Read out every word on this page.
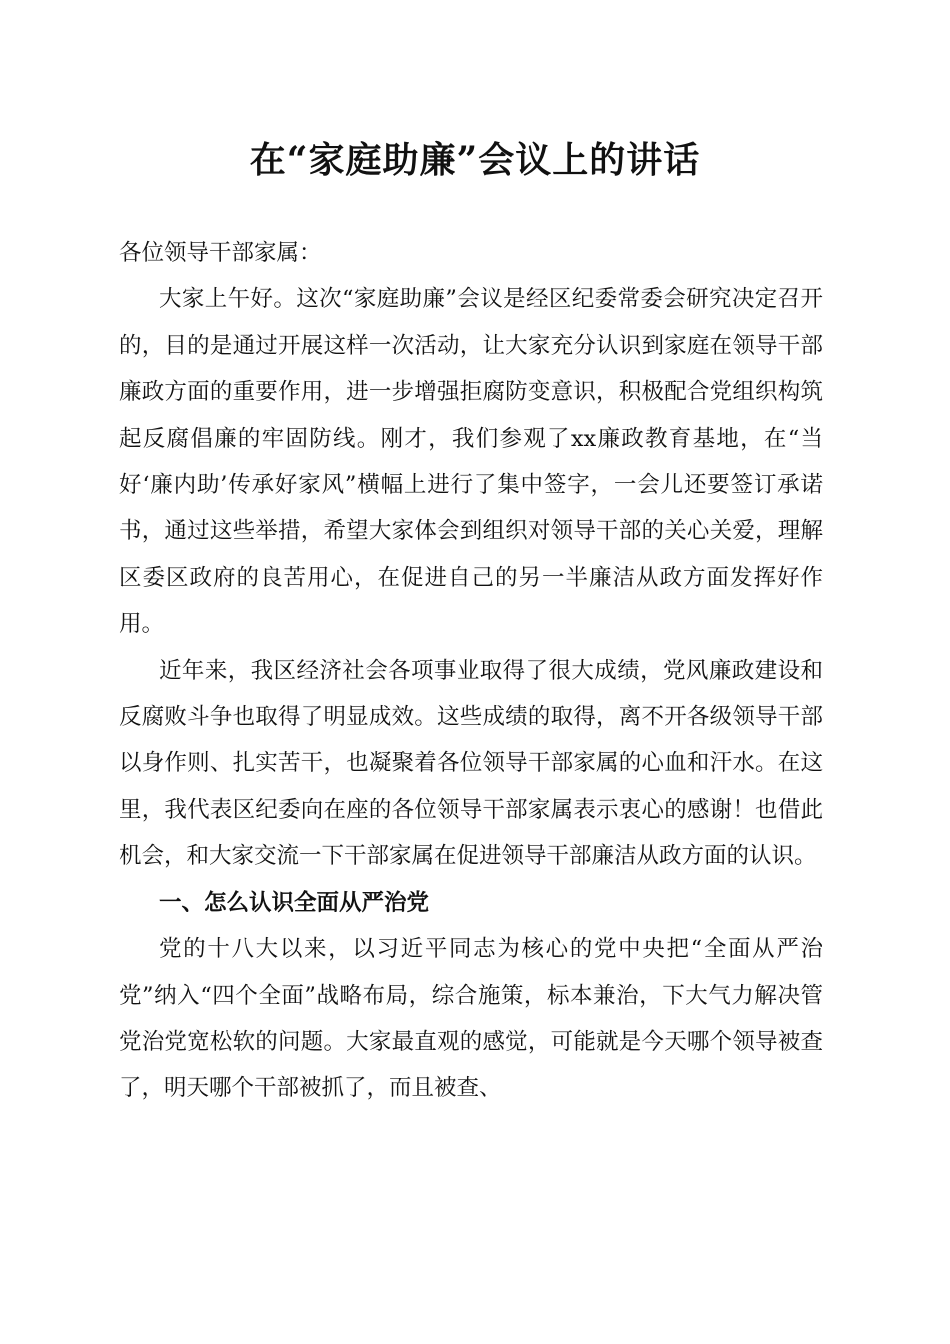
在“家庭助廉”会议上的讲话

各位领导干部家属：

大家上午好。这次“家庭助廉”会议是经区纪委常委会研究决定召开的，目的是通过开展这样一次活动，让大家充分认识到家庭在领导干部廉政方面的重要作用，进一步增强拒腐防变意识，积极配合党组织构筑起反腐倡廉的牢固防线。刚才，我们参观了xx廉政教育基地，在“当好‘廉内助’传承好家风”横幅上进行了集中签字，一会儿还要签订承诺书，通过这些举措，希望大家体会到组织对领导干部的关心关爱，理解区委区政府的良苦用心，在促进自己的另一半廉洁从政方面发挥好作用。

近年来，我区经济社会各项事业取得了很大成绩，党风廉政建设和反腐败斗争也取得了明显成效。这些成绩的取得，离不开各级领导干部以身作则、扎实苦干，也凝聚着各位领导干部家属的心血和汗水。在这里，我代表区纪委向在座的各位领导干部家属表示衷心的感谢！也借此机会，和大家交流一下干部家属在促进领导干部廉洁从政方面的认识。

一、怎么认识全面从严治党

党的十八大以来，以习近平同志为核心的党中央把“全面从严治党”纳入“四个全面”战略布局，综合施策，标本兼治，下大气力解决管党治党宽松软的问题。大家最直观的感觉，可能就是今天哪个领导被查了，明天哪个干部被抓了，而且被查、
